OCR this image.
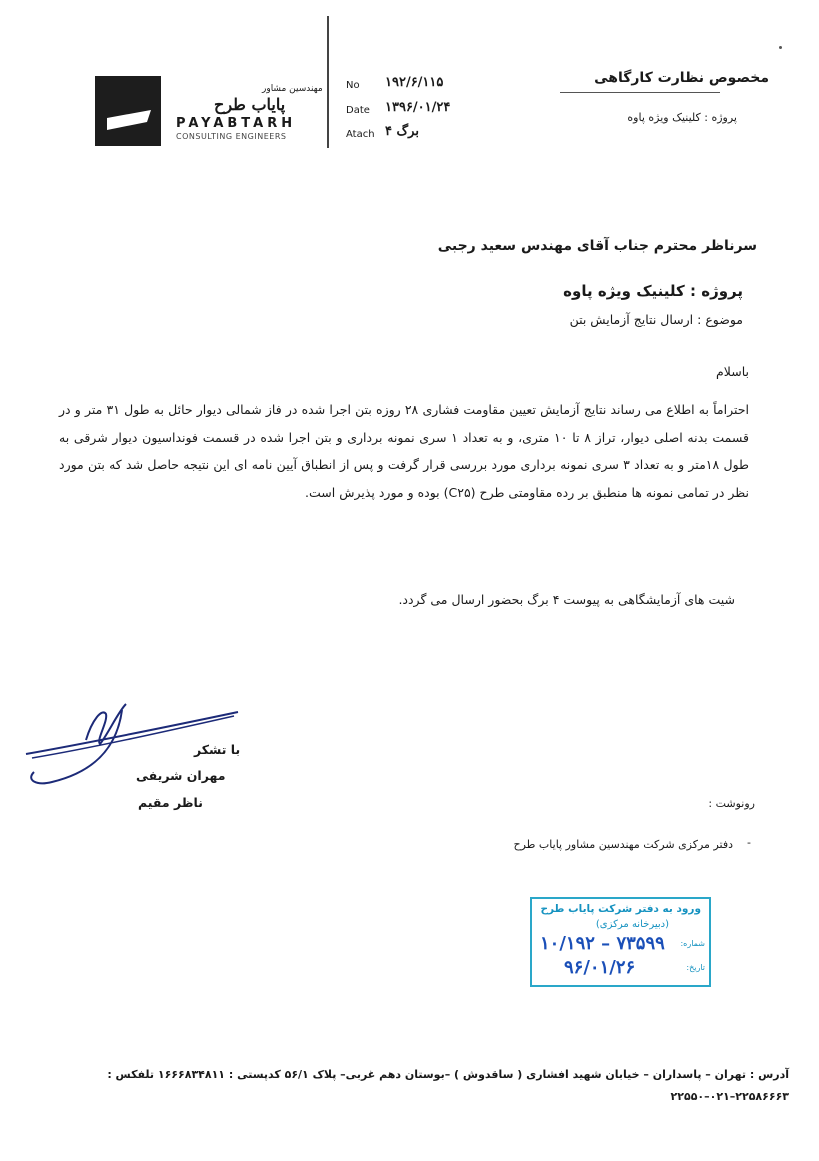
مهندسین مشاور
پایاب طرح
PAYABTARH
CONSULTING ENGINEERS
No ۱۹۲/۶/۱۱۵
Date ۱۳۹۶/۰۱/۲۴
Atach ۴ برگ
مخصوص نظارت کارگاهی
پروژه : کلینیک ویژه پاوه
سرناظر محترم جناب آقای مهندس سعید رجبی
پروژه : کلینیک ویژه پاوه
موضوع : ارسال نتایج آزمایش بتن
باسلام
احتراماً به اطلاع می رساند نتایج آزمایش تعیین مقاومت فشاری ۲۸ روزه بتن اجرا شده در فاز شمالی دیوار حائل به طول ۳۱ متر و در قسمت بدنه اصلی دیوار، تراز ۸ تا ۱۰ متری، و به تعداد ۱ سری نمونه برداری و بتن اجرا شده در قسمت فونداسیون دیوار شرقی به طول ۱۸متر و به تعداد ۳ سری نمونه برداری مورد بررسی قرار گرفت و پس از انطباق آیین نامه ای این نتیجه حاصل شد که بتن مورد نظر در تمامی نمونه ها منطبق بر رده مقاومتی طرح (C۲۵) بوده و مورد پذیرش است.
شیت های آزمایشگاهی به پیوست ۴ برگ بحضور ارسال می گردد.
با تشکر
مهران شریفی
ناظر مقیم	رونوشت :
-
دفتر مرکزی شرکت مهندسین مشاور پایاب طرح
ورود به دفتر شرکت پایاب طرح
(دبیرخانه مرکزی)
شماره:
تاریخ:
۱۰/۱۹۲ – ۷۳۵۹۹
۹۶/۰۱/۲۶
آدرس : تهران – پاسداران – خیابان شهید افشاری ( ساقدوش ) –بوستان دهم غربی– پلاک ۵۶/۱ کدپستی : ۱۶۶۶۸۳۴۸۱۱ تلفکس : ۲۲۵۸۶۶۶۳–۰۲۱–۲۲۵۵۰
